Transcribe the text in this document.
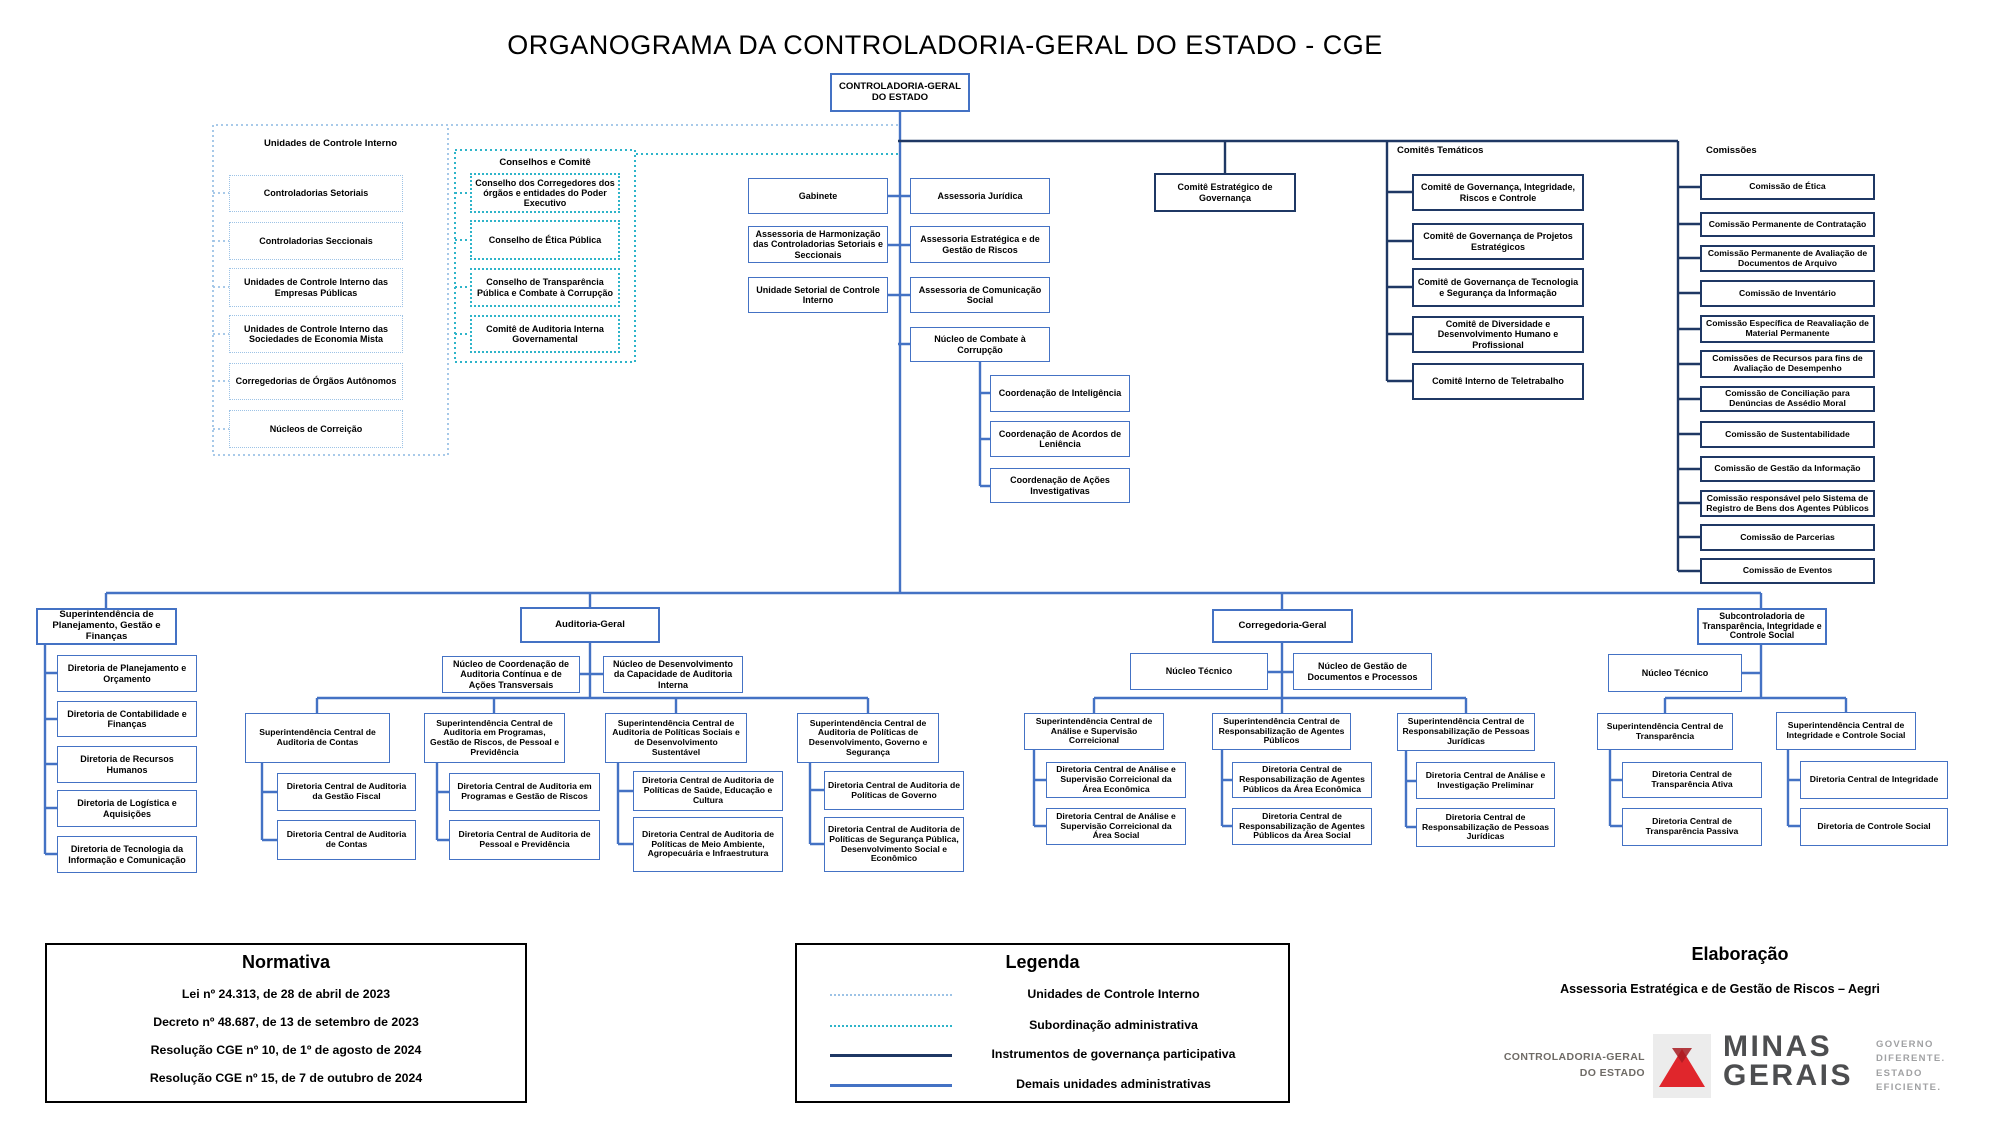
ORGANOGRAMA DA CONTROLADORIA-GERAL DO ESTADO - CGE
CONTROLADORIA-GERAL DO ESTADO
Unidades de Controle Interno
Controladorias Setoriais
Controladorias Seccionais
Unidades de Controle Interno das Empresas Públicas
Unidades de Controle Interno das Sociedades de Economia Mista
Corregedorias de Órgãos Autônomos
Núcleos de Correição
Conselhos e Comitê
Conselho dos Corregedores dos órgãos e entidades do Poder Executivo
Conselho de Ética Pública
Conselho de Transparência Pública e Combate à Corrupção
Comitê de Auditoria Interna Governamental
Gabinete
Assessoria de Harmonização das Controladorias Setoriais e Seccionais
Unidade Setorial de Controle Interno
Assessoria Jurídica
Assessoria Estratégica e de Gestão de Riscos
Assessoria de Comunicação Social
Núcleo de Combate à Corrupção
Coordenação de Inteligência
Coordenação de Acordos de Leniência
Coordenação de Ações Investigativas
Comitê Estratégico de Governança
Comitês Temáticos
Comitê de Governança, Integridade, Riscos e Controle
Comitê de Governança de Projetos Estratégicos
Comitê de Governança de Tecnologia e Segurança da Informação
Comitê de Diversidade e Desenvolvimento Humano e Profissional
Comitê Interno de Teletrabalho
Comissões
Comissão de Ética
Comissão Permanente de Contratação
Comissão Permanente de Avaliação de Documentos de Arquivo
Comissão de Inventário
Comissão Específica de Reavaliação de Material Permanente
Comissões de Recursos para fins de Avaliação de Desempenho
Comissão de Conciliação para Denúncias de Assédio Moral
Comissão de Sustentabilidade
Comissão de Gestão da Informação
Comissão responsável pelo Sistema de Registro de Bens dos Agentes Públicos
Comissão de Parcerias
Comissão de Eventos
Superintendência de Planejamento, Gestão e Finanças
Diretoria de Planejamento e Orçamento
Diretoria de Contabilidade e Finanças
Diretoria de Recursos Humanos
Diretoria de Logística e Aquisições
Diretoria de Tecnologia da Informação e Comunicação
Auditoria-Geral
Núcleo de Coordenação de Auditoria Contínua e de Ações Transversais
Núcleo de Desenvolvimento da Capacidade de Auditoria Interna
Superintendência Central de Auditoria de Contas
Superintendência Central de Auditoria em Programas, Gestão de Riscos, de Pessoal e Previdência
Superintendência Central de Auditoria de Políticas Sociais e de Desenvolvimento Sustentável
Superintendência Central de Auditoria de Políticas de Desenvolvimento, Governo e Segurança
Diretoria Central de Auditoria da Gestão Fiscal
Diretoria Central de Auditoria de Contas
Diretoria Central de Auditoria em Programas e Gestão de Riscos
Diretoria Central de Auditoria de Pessoal e Previdência
Diretoria Central de Auditoria de Políticas de Saúde, Educação e Cultura
Diretoria Central de Auditoria de Políticas de Meio Ambiente, Agropecuária e Infraestrutura
Diretoria Central de Auditoria de Políticas de Governo
Diretoria Central de Auditoria de Políticas de Segurança Pública, Desenvolvimento Social e Econômico
Corregedoria-Geral
Núcleo Técnico
Núcleo de Gestão de Documentos e Processos
Superintendência Central de Análise e Supervisão Correicional
Superintendência Central de Responsabilização de Agentes Públicos
Superintendência Central de Responsabilização de Pessoas Jurídicas
Diretoria Central de Análise e Supervisão Correicional da Área Econômica
Diretoria Central de Análise e Supervisão Correicional da Área Social
Diretoria Central de Responsabilização de Agentes Públicos da Área Econômica
Diretoria Central de Responsabilização de Agentes Públicos da Área Social
Diretoria Central de Análise e Investigação Preliminar
Diretoria Central de Responsabilização de Pessoas Jurídicas
Subcontroladoria de Transparência, Integridade e Controle Social
Núcleo Técnico
Superintendência Central de Transparência
Superintendência Central de Integridade e Controle Social
Diretoria Central de Transparência Ativa
Diretoria Central de Transparência Passiva
Diretoria Central de Integridade
Diretoria de Controle Social
Normativa
Lei nº 24.313, de 28 de abril de 2023
Decreto nº 48.687, de 13 de setembro de 2023
Resolução CGE nº 10, de 1º de agosto de 2024
Resolução CGE nº 15, de 7 de outubro de 2024
Legenda
Unidades de Controle Interno
Subordinação administrativa
Instrumentos de governança participativa
Demais unidades administrativas
Elaboração
Assessoria Estratégica e de Gestão de Riscos – Aegri
CONTROLADORIA-GERAL
DO ESTADO
MINAS
GERAIS
GOVERNO
DIFERENTE.
ESTADO
EFICIENTE.
